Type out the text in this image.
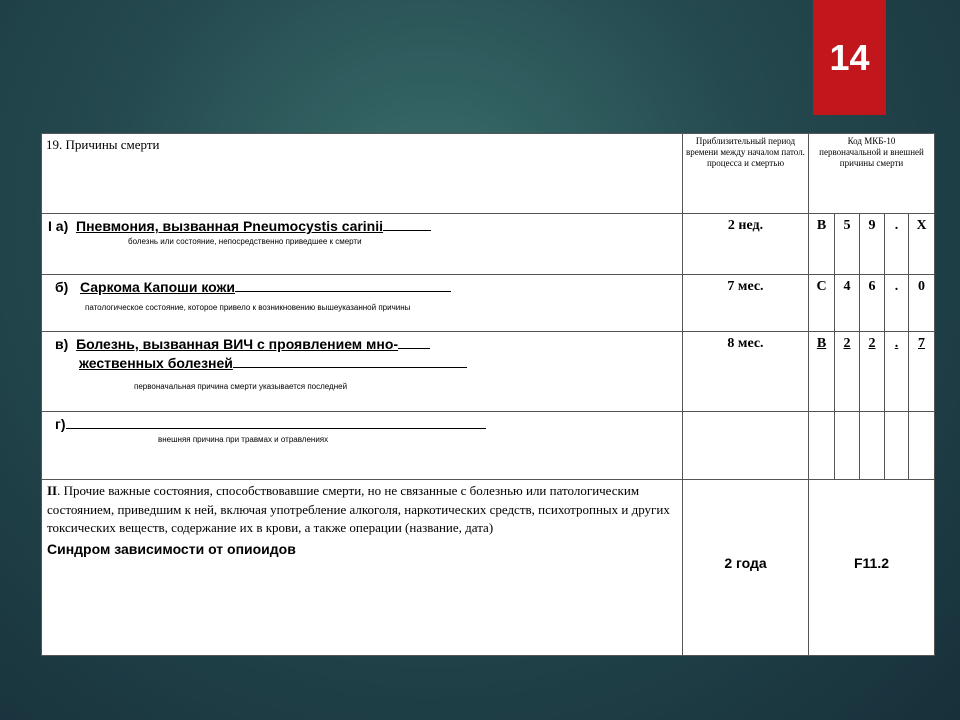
14
19. Причины смерти	Приблизительный период времени между началом патол. процесса и смертью	Код МКБ-10 первоначальной и внешней причины смерти				

I а) Пневмония, вызванная Pneumocystis carinii
болезнь или состояние, непосредственно приведшее к смерти	2 нед.	B	5	9	.	X

б) Саркома Капоши кожи
патологическое состояние, которое привело к возникновению вышеуказанной причины	7 мес.	C	4	6	.	0

в) Болезнь, вызванная ВИЧ с проявлением мно-
жественных болезней
первоначальная причина смерти указывается последней	8 мес.	B	2	2	.	7

г)
внешняя причина при травмах и отравлениях						

II. Прочие важные состояния, способствовавшие смерти, но не связанные с болезнью или патологическим состоянием, приведшим к ней, включая употребление алкоголя, наркотических средств, психотропных и других токсических веществ, содержание их в крови, а также операции (название, дата)
Синдром зависимости от опиоидов	2 года	F11.2				
